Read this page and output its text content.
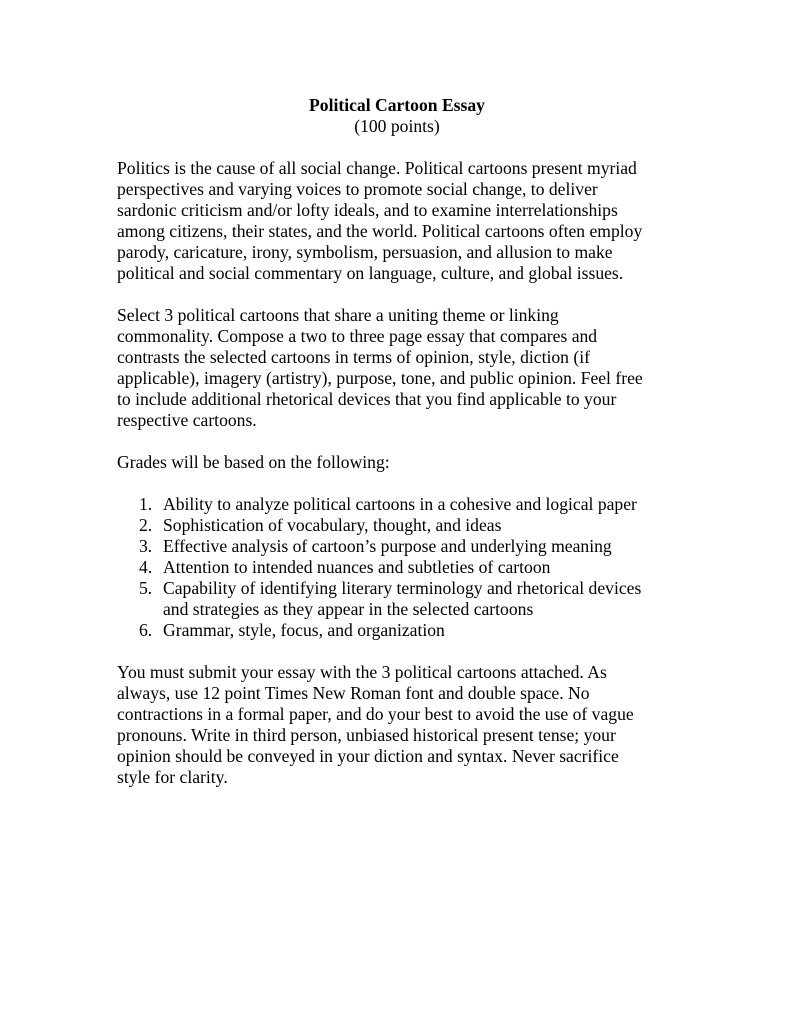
Political Cartoon Essay
(100 points)

Politics is the cause of all social change. Political cartoons present myriad
perspectives and varying voices to promote social change, to deliver
sardonic criticism and/or lofty ideals, and to examine interrelationships
among citizens, their states, and the world. Political cartoons often employ
parody, caricature, irony, symbolism, persuasion, and allusion to make
political and social commentary on language, culture, and global issues.

Select 3 political cartoons that share a uniting theme or linking
commonality. Compose a two to three page essay that compares and
contrasts the selected cartoons in terms of opinion, style, diction (if
applicable), imagery (artistry), purpose, tone, and public opinion. Feel free
to include additional rhetorical devices that you find applicable to your
respective cartoons.

Grades will be based on the following:

1. Ability to analyze political cartoons in a cohesive and logical paper
2. Sophistication of vocabulary, thought, and ideas
3. Effective analysis of cartoon’s purpose and underlying meaning
4. Attention to intended nuances and subtleties of cartoon
5. Capability of identifying literary terminology and rhetorical devices
and strategies as they appear in the selected cartoons
6. Grammar, style, focus, and organization

You must submit your essay with the 3 political cartoons attached. As
always, use 12 point Times New Roman font and double space. No
contractions in a formal paper, and do your best to avoid the use of vague
pronouns. Write in third person, unbiased historical present tense; your
opinion should be conveyed in your diction and syntax. Never sacrifice
style for clarity.
